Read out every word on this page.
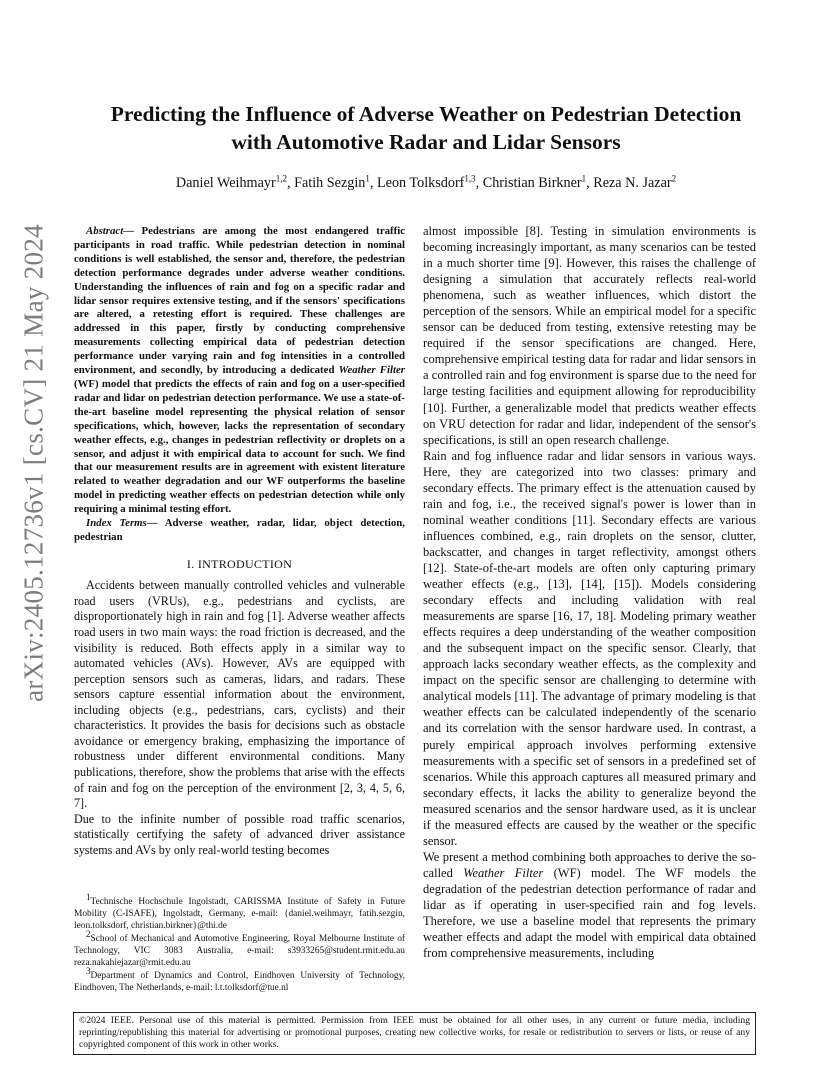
arXiv:2405.12736v1 [cs.CV] 21 May 2024
Predicting the Influence of Adverse Weather on Pedestrian Detection
with Automotive Radar and Lidar Sensors
Daniel Weihmayr$^{1,2}$, Fatih Sezgin$^1$, Leon Tolksdorf$^{1,3}$, Christian Birkner$^1$, Reza N. Jazar$^2$

Abstract— Pedestrians are among the most endangered traffic participants in road traffic. While pedestrian detection in nominal conditions is well established, the sensor and, therefore, the pedestrian detection performance degrades under adverse weather conditions. Understanding the influences of rain and fog on a specific radar and lidar sensor requires extensive testing, and if the sensors' specifications are altered, a retesting effort is required. These challenges are addressed in this paper, firstly by conducting comprehensive measurements collecting empirical data of pedestrian detection performance under varying rain and fog intensities in a controlled environment, and secondly, by introducing a dedicated Weather Filter (WF) model that predicts the effects of rain and fog on a user-specified radar and lidar on pedestrian detection performance. We use a state-of-the-art baseline model representing the physical relation of sensor specifications, which, however, lacks the representation of secondary weather effects, e.g., changes in pedestrian reflectivity or droplets on a sensor, and adjust it with empirical data to account for such. We find that our measurement results are in agreement with existent literature related to weather degradation and our WF outperforms the baseline model in predicting weather effects on pedestrian detection while only requiring a minimal testing effort.

Index Terms— Adverse weather, radar, lidar, object detection, pedestrian

I. INTRODUCTION

Accidents between manually controlled vehicles and vulnerable road users (VRUs), e.g., pedestrians and cyclists, are disproportionately high in rain and fog [1]. Adverse weather affects road users in two main ways: the road friction is decreased, and the visibility is reduced. Both effects apply in a similar way to automated vehicles (AVs). However, AVs are equipped with perception sensors such as cameras, lidars, and radars. These sensors capture essential information about the environment, including objects (e.g., pedestrians, cars, cyclists) and their characteristics. It provides the basis for decisions such as obstacle avoidance or emergency braking, emphasizing the importance of robustness under different environmental conditions. Many publications, therefore, show the problems that arise with the effects of rain and fog on the perception of the environment [2, 3, 4, 5, 6, 7].

Due to the infinite number of possible road traffic scenarios, statistically certifying the safety of advanced driver assistance systems and AVs by only real-world testing becomes

$^1$Technische Hochschule Ingolstadt, CARISSMA Institute of Safety in Future Mobility (C-ISAFE), Ingolstadt, Germany, e-mail: {daniel.weihmayr, fatih.sezgin, leon.tolksdorf, christian.birkner}@thi.de

$^2$School of Mechanical and Automotive Engineering, Royal Melbourne Institute of Technology, VIC 3083 Australia, e-mail: s3933265@student.rmit.edu.au reza.nakahiejazar@rmit.edu.au

$^3$Department of Dynamics and Control, Eindhoven University of Technology, Eindhoven, The Netherlands, e-mail: l.t.tolksdorf@tue.nl

almost impossible [8]. Testing in simulation environments is becoming increasingly important, as many scenarios can be tested in a much shorter time [9]. However, this raises the challenge of designing a simulation that accurately reflects real-world phenomena, such as weather influences, which distort the perception of the sensors. While an empirical model for a specific sensor can be deduced from testing, extensive retesting may be required if the sensor specifications are changed. Here, comprehensive empirical testing data for radar and lidar sensors in a controlled rain and fog environment is sparse due to the need for large testing facilities and equipment allowing for reproducibility [10]. Further, a generalizable model that predicts weather effects on VRU detection for radar and lidar, independent of the sensor's specifications, is still an open research challenge.

Rain and fog influence radar and lidar sensors in various ways. Here, they are categorized into two classes: primary and secondary effects. The primary effect is the attenuation caused by rain and fog, i.e., the received signal's power is lower than in nominal weather conditions [11]. Secondary effects are various influences combined, e.g., rain droplets on the sensor, clutter, backscatter, and changes in target reflectivity, amongst others [12]. State-of-the-art models are often only capturing primary weather effects (e.g., [13], [14], [15]). Models considering secondary effects and including validation with real measurements are sparse [16, 17, 18]. Modeling primary weather effects requires a deep understanding of the weather composition and the subsequent impact on the specific sensor. Clearly, that approach lacks secondary weather effects, as the complexity and impact on the specific sensor are challenging to determine with analytical models [11]. The advantage of primary modeling is that weather effects can be calculated independently of the scenario and its correlation with the sensor hardware used. In contrast, a purely empirical approach involves performing extensive measurements with a specific set of sensors in a predefined set of scenarios. While this approach captures all measured primary and secondary effects, it lacks the ability to generalize beyond the measured scenarios and the sensor hardware used, as it is unclear if the measured effects are caused by the weather or the specific sensor.

We present a method combining both approaches to derive the so-called Weather Filter (WF) model. The WF models the degradation of the pedestrian detection performance of radar and lidar as if operating in user-specified rain and fog levels. Therefore, we use a baseline model that represents the primary weather effects and adapt the model with empirical data obtained from comprehensive measurements, including

©2024 IEEE. Personal use of this material is permitted. Permission from IEEE must be obtained for all other uses, in any current or future media, including reprinting/republishing this material for advertising or promotional purposes, creating new collective works, for resale or redistribution to servers or lists, or reuse of any copyrighted component of this work in other works.
